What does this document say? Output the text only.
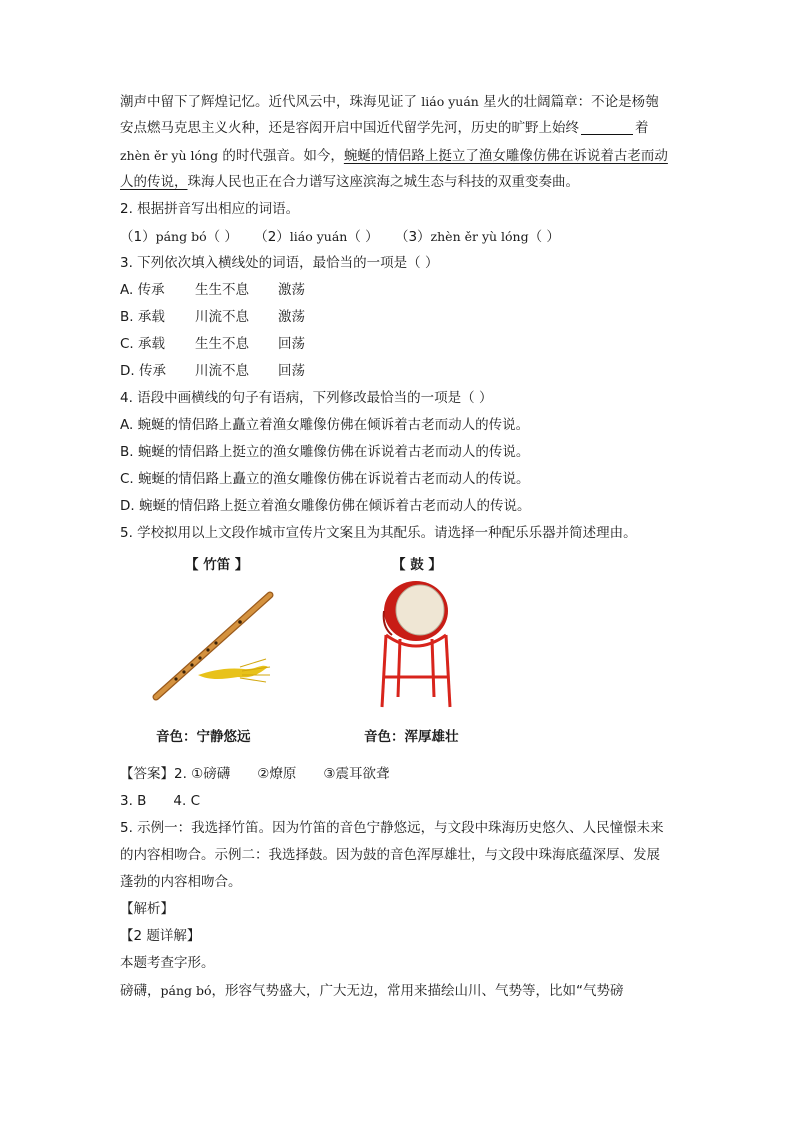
潮声中留下了辉煌记忆。近代风云中，珠海见证了 liáo yuán 星火的壮阔篇章：不论是杨匏
安点燃马克思主义火种，还是容闳开启中国近代留学先河，历史的旷野上始终	着
zhèn ěr yù lóng 的时代强音。如今，蜿蜒的情侣路上挺立了渔女雕像仿佛在诉说着古老而动
人的传说，珠海人民也正在合力谱写这座滨海之城生态与科技的双重变奏曲。
2. 根据拼音写出相应的词语。
（1）páng bó（ ） （2）liáo yuán（ ） （3）zhèn ěr yù lóng（ ）
3. 下列依次填入横线处的词语，最恰当的一项是（ ）
A. 传承 生生不息 激荡
B. 承载 川流不息 激荡
C. 承载 生生不息 回荡
D. 传承 川流不息 回荡
4. 语段中画横线的句子有语病，下列修改最恰当的一项是（ ）
A. 蜿蜒的情侣路上矗立着渔女雕像仿佛在倾诉着古老而动人的传说。
B. 蜿蜒的情侣路上挺立的渔女雕像仿佛在诉说着古老而动人的传说。
C. 蜿蜒的情侣路上矗立的渔女雕像仿佛在诉说着古老而动人的传说。
D. 蜿蜒的情侣路上挺立着渔女雕像仿佛在倾诉着古老而动人的传说。
5. 学校拟用以上文段作城市宣传片文案且为其配乐。请选择一种配乐乐器并简述理由。
【 竹笛 】	【 鼓 】
音色：宁静悠远	音色：浑厚雄壮
【答案】2. ①磅礴　　②燎原　　③震耳欲聋
3. B　　4. C
5. 示例一：我选择竹笛。因为竹笛的音色宁静悠远，与文段中珠海历史悠久、人民憧憬未来
的内容相吻合。示例二：我选择鼓。因为鼓的音色浑厚雄壮，与文段中珠海底蕴深厚、发展
蓬勃的内容相吻合。
【解析】
【2 题详解】
本题考查字形。
磅礴，páng bó，形容气势盛大，广大无边，常用来描绘山川、气势等，比如“气势磅
